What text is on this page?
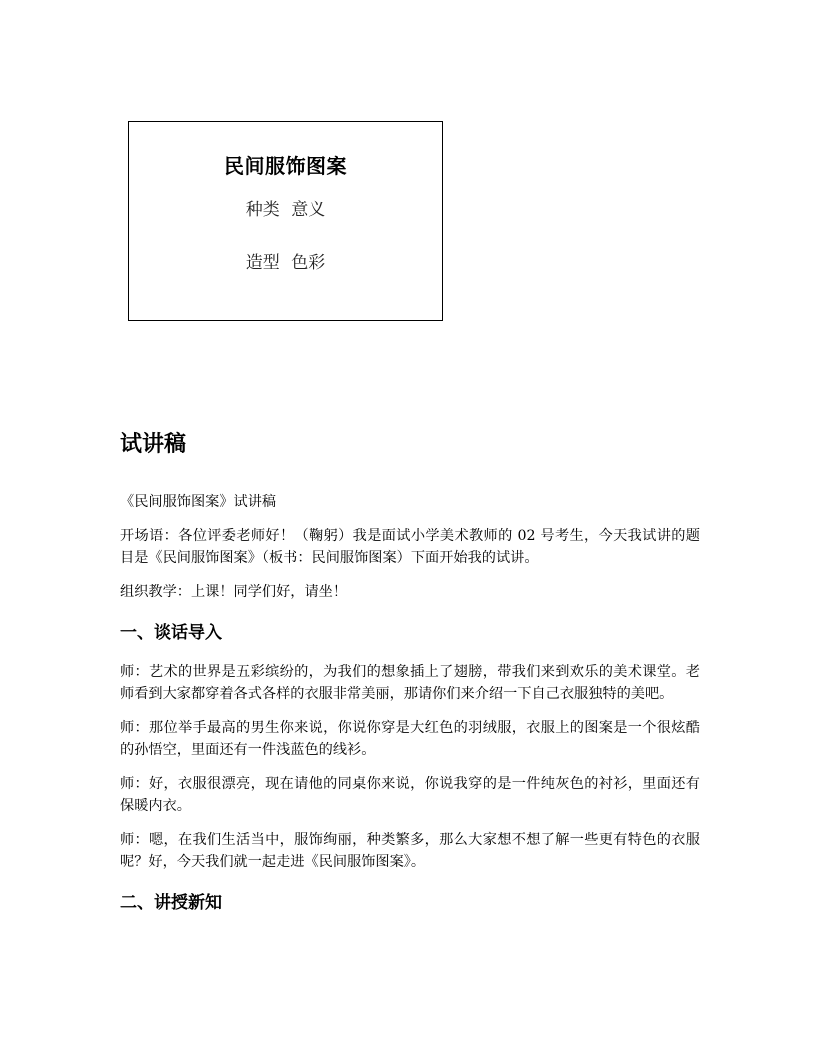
民间服饰图案
种类 意义
造型 色彩
试讲稿

《民间服饰图案》试讲稿

开场语：各位评委老师好！（鞠躬）我是面试小学美术教师的 02 号考生，今天我试讲的题目是《民间服饰图案》（板书：民间服饰图案）下面开始我的试讲。

组织教学：上课！同学们好，请坐！

一、谈话导入

师：艺术的世界是五彩缤纷的，为我们的想象插上了翅膀，带我们来到欢乐的美术课堂。老师看到大家都穿着各式各样的衣服非常美丽，那请你们来介绍一下自己衣服独特的美吧。

师：那位举手最高的男生你来说，你说你穿是大红色的羽绒服，衣服上的图案是一个很炫酷的孙悟空，里面还有一件浅蓝色的线衫。

师：好，衣服很漂亮，现在请他的同桌你来说，你说我穿的是一件纯灰色的衬衫，里面还有保暖内衣。

师：嗯，在我们生活当中，服饰绚丽，种类繁多，那么大家想不想了解一些更有特色的衣服呢？好，今天我们就一起走进《民间服饰图案》。

二、讲授新知
